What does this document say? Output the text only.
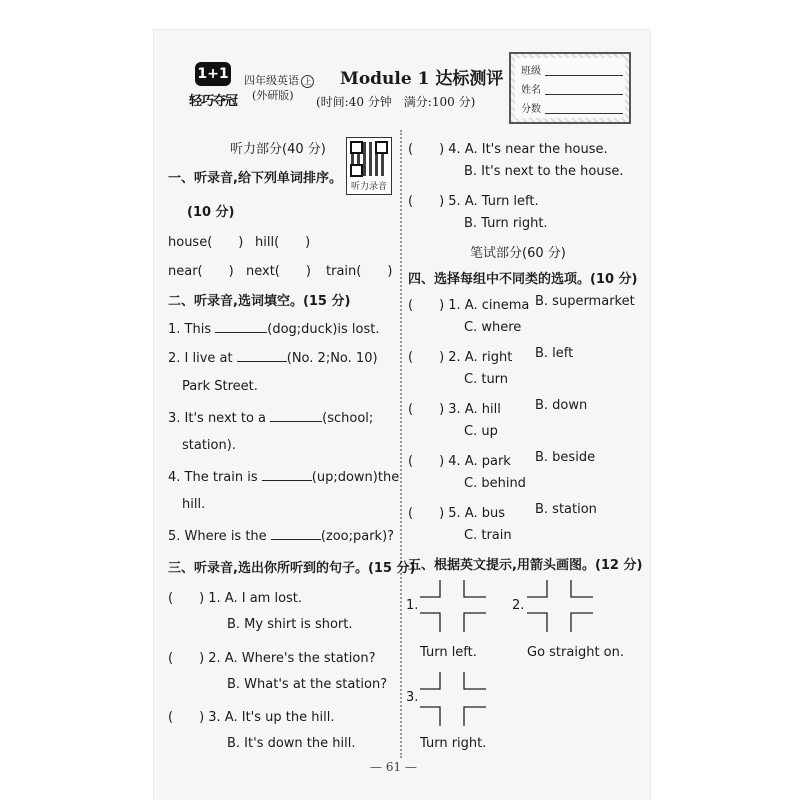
1+1
轻巧夺冠
四年级英语 上
(外研版)
Module 1 达标测评
(时间:40 分钟　满分:100 分)
班级
姓名
分数
听力部分(40 分)
听力录音
一、听录音,给下列单词排序。
(10 分)
house(　　) hill(　　)
near(　　) next(　　) train(　　)
二、听录音,选词填空。(15 分)
1. This	(dog;duck)is lost.
2. I live at	(No. 2;No. 10)
Park Street.
3. It's next to a	(school;
station).
4. The train is	(up;down)the
hill.
5. Where is the	(zoo;park)?
三、听录音,选出你所听到的句子。(15 分)
(　　) 1. A. I am lost.
B. My shirt is short.
(　　) 2. A. Where's the station?
B. What's at the station?
(　　) 3. A. It's up the hill.
B. It's down the hill.
(　　) 4. A. It's near the house.
B. It's next to the house.
(　　) 5. A. Turn left.
B. Turn right.
笔试部分(60 分)
四、选择每组中不同类的选项。(10 分)
(　　) 1. A. cinema B. supermarket
C. where
(　　) 2. A. right B. left
C. turn
(　　) 3. A. hill	B. down
C. up
(　　) 4. A. park B. beside
C. behind
(　　) 5. A. bus B. station
C. train
五、根据英文提示,用箭头画图。(12 分)
1.	2.
Turn left.	Go straight on.
3.
Turn right.
— 61 —
